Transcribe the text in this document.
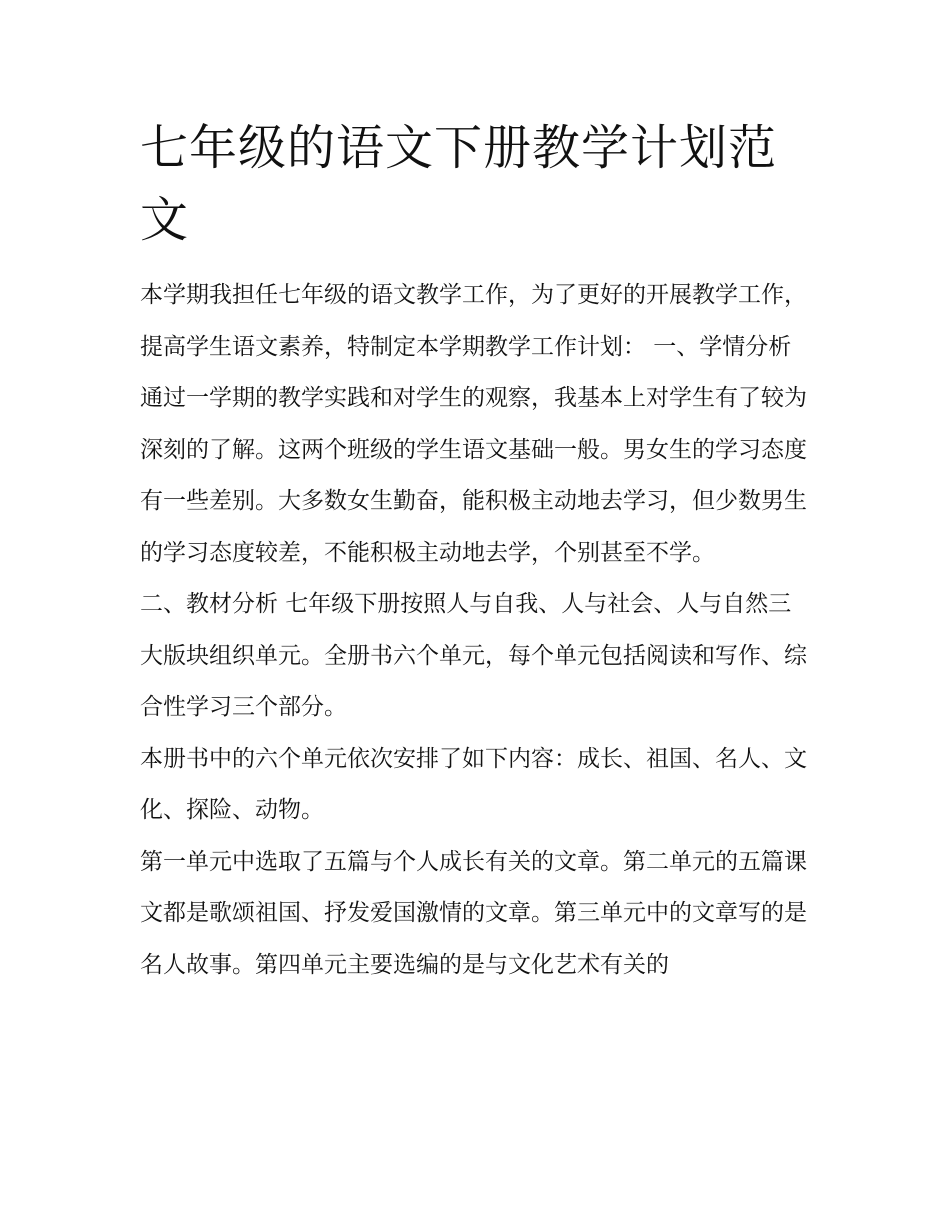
七年级的语文下册教学计划范文

本学期我担任七年级的语文教学工作，为了更好的开展教学工作，提高学生语文素养，特制定本学期教学工作计划： 一、学情分析

通过一学期的教学实践和对学生的观察，我基本上对学生有了较为深刻的了解。这两个班级的学生语文基础一般。男女生的学习态度有一些差别。大多数女生勤奋，能积极主动地去学习，但少数男生的学习态度较差，不能积极主动地去学，个别甚至不学。

二、教材分析 七年级下册按照人与自我、人与社会、人与自然三大版块组织单元。全册书六个单元，每个单元包括阅读和写作、综合性学习三个部分。

本册书中的六个单元依次安排了如下内容：成长、祖国、名人、文化、探险、动物。

第一单元中选取了五篇与个人成长有关的文章。第二单元的五篇课文都是歌颂祖国、抒发爱国激情的文章。第三单元中的文章写的是名人故事。第四单元主要选编的是与文化艺术有关的
